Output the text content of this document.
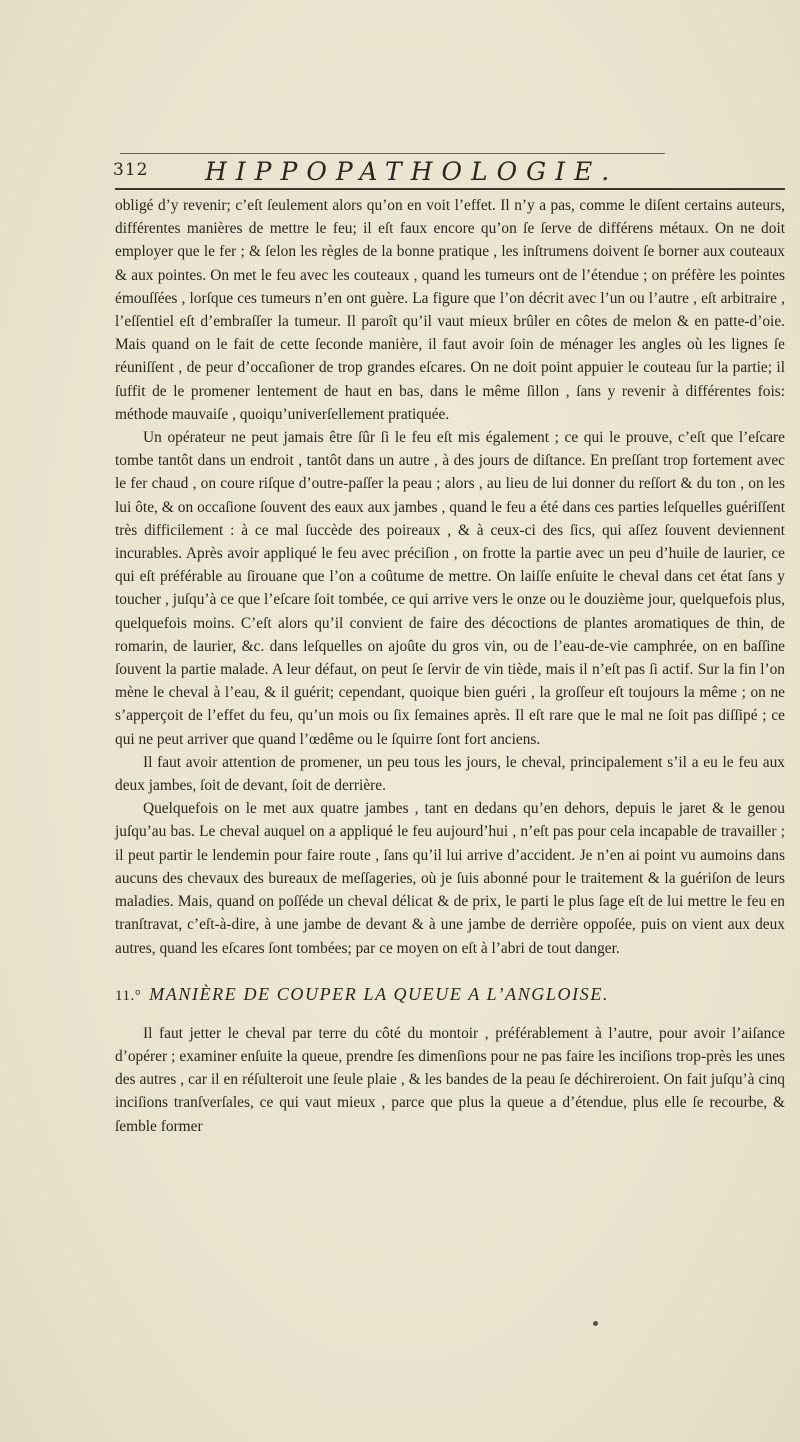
312 HIPPOPATHOLOGIE.

obligé d’y revenir; c’eſt ſeulement alors qu’on en voit l’effet. Il n’y a pas, comme le diſent certains auteurs, différentes manières de mettre le feu; il eſt faux encore qu’on ſe ſerve de différens métaux. On ne doit employer que le fer ; & ſelon les règles de la bonne pratique , les inſtrumens doivent ſe borner aux couteaux & aux pointes. On met le feu avec les couteaux , quand les tumeurs ont de l’étendue ; on préfère les pointes émouſſées , lorſque ces tumeurs n’en ont guère. La figure que l’on décrit avec l’un ou l’autre , eſt arbitraire , l’eſſentiel eſt d’embraſſer la tumeur. Il paroît qu’il vaut mieux brûler en côtes de melon & en patte-d’oie. Mais quand on le fait de cette ſeconde manière, il faut avoir ſoin de ménager les angles où les lignes ſe réuniſſent , de peur d’occaſioner de trop grandes eſcares. On ne doit point appuier le couteau ſur la partie; il ſuffit de le promener lentement de haut en bas, dans le même ſillon , ſans y revenir à différentes fois: méthode mauvaiſe , quoiqu’univerſellement pratiquée.

Un opérateur ne peut jamais être ſûr ſi le feu eſt mis également ; ce qui le prouve, c’eſt que l’eſcare tombe tantôt dans un endroit , tantôt dans un autre , à des jours de diſtance. En preſſant trop fortement avec le fer chaud , on coure riſque d’outre-paſſer la peau ; alors , au lieu de lui donner du reſſort & du ton , on les lui ôte, & on occaſione ſouvent des eaux aux jambes , quand le feu a été dans ces parties leſquelles guériſſent très difficilement : à ce mal ſuccède des poireaux , & à ceux-ci des ſics, qui aſſez ſouvent deviennent incurables. Après avoir appliqué le feu avec préciſion , on frotte la partie avec un peu d’huile de laurier, ce qui eſt préférable au ſirouane que l’on a coûtume de mettre. On laiſſe enſuite le cheval dans cet état ſans y toucher , juſqu’à ce que l’eſcare ſoit tombée, ce qui arrive vers le onze ou le douzième jour, quelquefois plus, quelquefois moins. C’eſt alors qu’il convient de faire des décoctions de plantes aromatiques de thin, de romarin, de laurier, &c. dans leſquelles on ajoûte du gros vin, ou de l’eau-de-vie camphrée, on en baſſine ſouvent la partie malade. A leur défaut, on peut ſe ſervir de vin tiède, mais il n’eſt pas ſi actif. Sur la fin l’on mène le cheval à l’eau, & il guérit; cependant, quoique bien guéri , la groſſeur eſt toujours la même ; on ne s’apperçoit de l’effet du feu, qu’un mois ou ſix ſemaines après. Il eſt rare que le mal ne ſoit pas diſſipé ; ce qui ne peut arriver que quand l’œdême ou le ſquirre ſont fort anciens.

Il faut avoir attention de promener, un peu tous les jours, le cheval, principalement s’il a eu le feu aux deux jambes, ſoit de devant, ſoit de derrière.

Quelquefois on le met aux quatre jambes , tant en dedans qu’en dehors, depuis le jaret & le genou juſqu’au bas. Le cheval auquel on a appliqué le feu aujourd’hui , n’eſt pas pour cela incapable de travailler ; il peut partir le lendemin pour faire route , ſans qu’il lui arrive d’accident. Je n’en ai point vu aumoins dans aucuns des chevaux des bureaux de meſſageries, où je ſuis abonné pour le traitement & la guériſon de leurs maladies. Mais, quand on poſſéde un cheval délicat & de prix, le parti le plus ſage eſt de lui mettre le feu en tranſtravat, c’eſt-à-dire, à une jambe de devant & à une jambe de derrière oppoſée, puis on vient aux deux autres, quand les eſcares ſont tombées; par ce moyen on eſt à l’abri de tout danger.

11.° MANIÈRE DE COUPER LA QUEUE A L’ANGLOISE.

Il faut jetter le cheval par terre du côté du montoir , préférablement à l’autre, pour avoir l’aiſance d’opérer ; examiner enſuite la queue, prendre ſes dimenſions pour ne pas faire les inciſions trop-près les unes des autres , car il en réſulteroit une ſeule plaie , & les bandes de la peau ſe déchireroient. On fait juſqu’à cinq inciſions tranſverſales, ce qui vaut mieux , parce que plus la queue a d’étendue, plus elle ſe recourbe, & ſemble former
